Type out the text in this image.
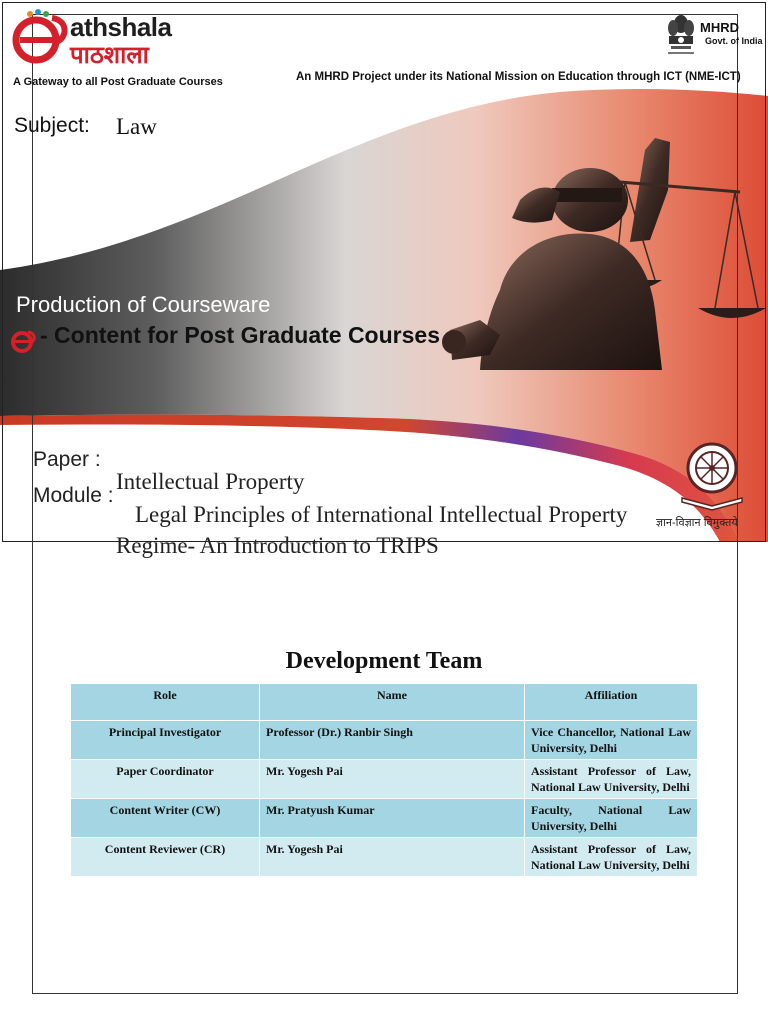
athshala
पाठशाला
A Gateway to all Post Graduate Courses
MHRD
Govt. of India
An MHRD Project under its National Mission on Education through ICT (NME-ICT)
Subject: Law
Production of Courseware
- Content for Post Graduate Courses
Paper :
Module :
Intellectual Property
Legal Principles of International Intellectual Property Regime- An Introduction to TRIPS
ज्ञान-विज्ञान विमुक्तये
Development Team
Role	Name	Affiliation
Principal Investigator	Professor (Dr.) Ranbir Singh	Vice Chancellor, National Law University, Delhi
Paper Coordinator	Mr. Yogesh Pai	Assistant Professor of Law, National Law University, Delhi
Content Writer (CW)	Mr. Pratyush Kumar	Faculty, National Law University, Delhi
Content Reviewer (CR)	Mr. Yogesh Pai	Assistant Professor of Law, National Law University, Delhi
